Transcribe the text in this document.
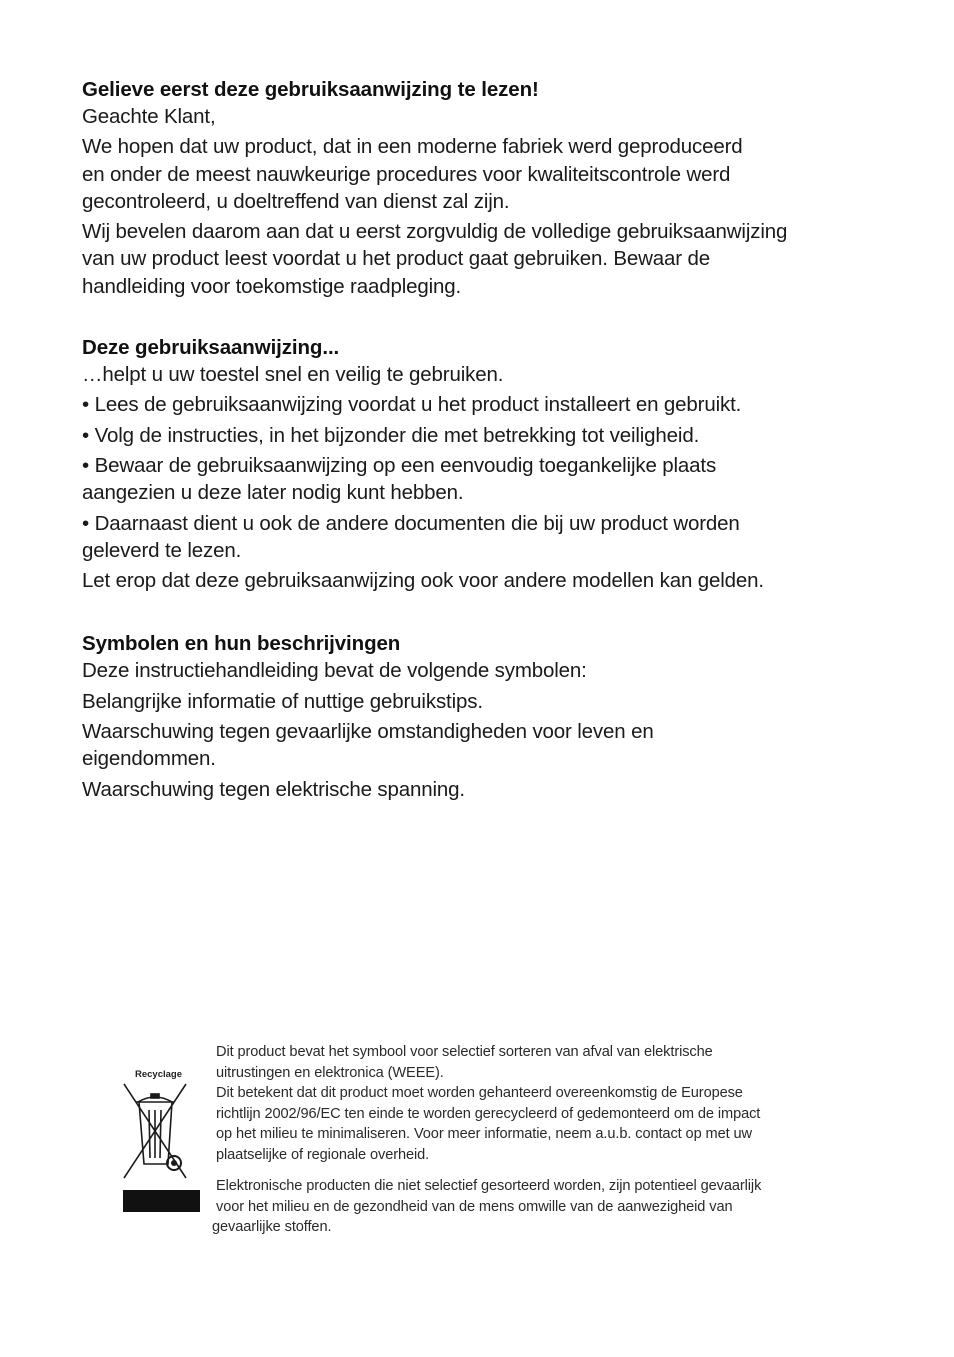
Gelieve eerst deze gebruiksaanwijzing te lezen!

Geachte Klant,

We hopen dat uw product, dat in een moderne fabriek werd geproduceerd

en onder de meest nauwkeurige procedures voor kwaliteitscontrole werd

gecontroleerd, u doeltreffend van dienst zal zijn.

Wij bevelen daarom aan dat u eerst zorgvuldig de volledige gebruiksaanwijzing

van uw product leest voordat u het product gaat gebruiken. Bewaar de

handleiding voor toekomstige raadpleging.

Deze gebruiksaanwijzing...

…helpt u uw toestel snel en veilig te gebruiken.

• Lees de gebruiksaanwijzing voordat u het product installeert en gebruikt.

• Volg de instructies, in het bijzonder die met betrekking tot veiligheid.

• Bewaar de gebruiksaanwijzing op een eenvoudig toegankelijke plaats

aangezien u deze later nodig kunt hebben.

• Daarnaast dient u ook de andere documenten die bij uw product worden

geleverd te lezen.

Let erop dat deze gebruiksaanwijzing ook voor andere modellen kan gelden.

Symbolen en hun beschrijvingen

Deze instructiehandleiding bevat de volgende symbolen:

Belangrijke informatie of nuttige gebruikstips.

Waarschuwing tegen gevaarlijke omstandigheden voor leven en

eigendommen.

Waarschuwing tegen elektrische spanning.

Recyclage

Dit product bevat het symbool voor selectief sorteren van afval van elektrische

uitrustingen en elektronica (WEEE).

Dit betekent dat dit product moet worden gehanteerd overeenkomstig de Europese

richtlijn 2002/96/EC ten einde te worden gerecycleerd of gedemonteerd om de impact

op het milieu te minimaliseren. Voor meer informatie, neem a.u.b. contact op met uw

plaatselijke of regionale overheid.

Elektronische producten die niet selectief gesorteerd worden, zijn potentieel gevaarlijk

voor het milieu en de gezondheid van de mens omwille van de aanwezigheid van

gevaarlijke stoffen.
